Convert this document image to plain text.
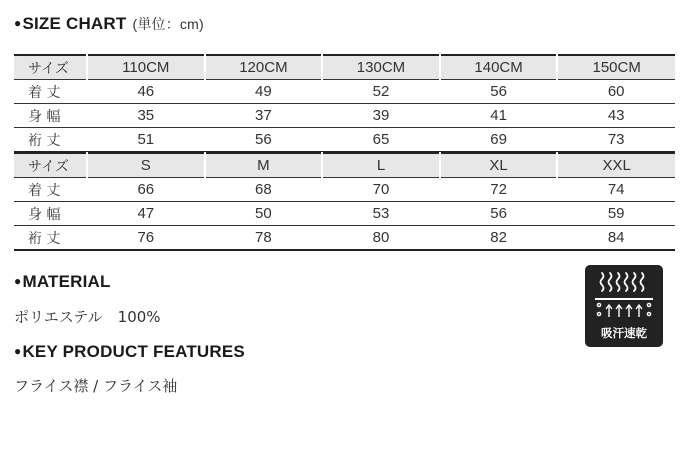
●SIZE CHART (単位：cm)
サイズ	110CM	120CM	130CM	140CM	150CM
着 丈	46	49	52	56	60
身 幅	35	37	39	41	43
裄 丈	51	56	65	69	73
サイズ	S	M	L	XL	XXL
着 丈	66	68	70	72	74
身 幅	47	50	53	56	59
裄 丈	76	78	80	82	84
●MATERIAL
ポリエステル　100%
●KEY PRODUCT FEATURES
フライス襟 / フライス袖
吸汗速乾
